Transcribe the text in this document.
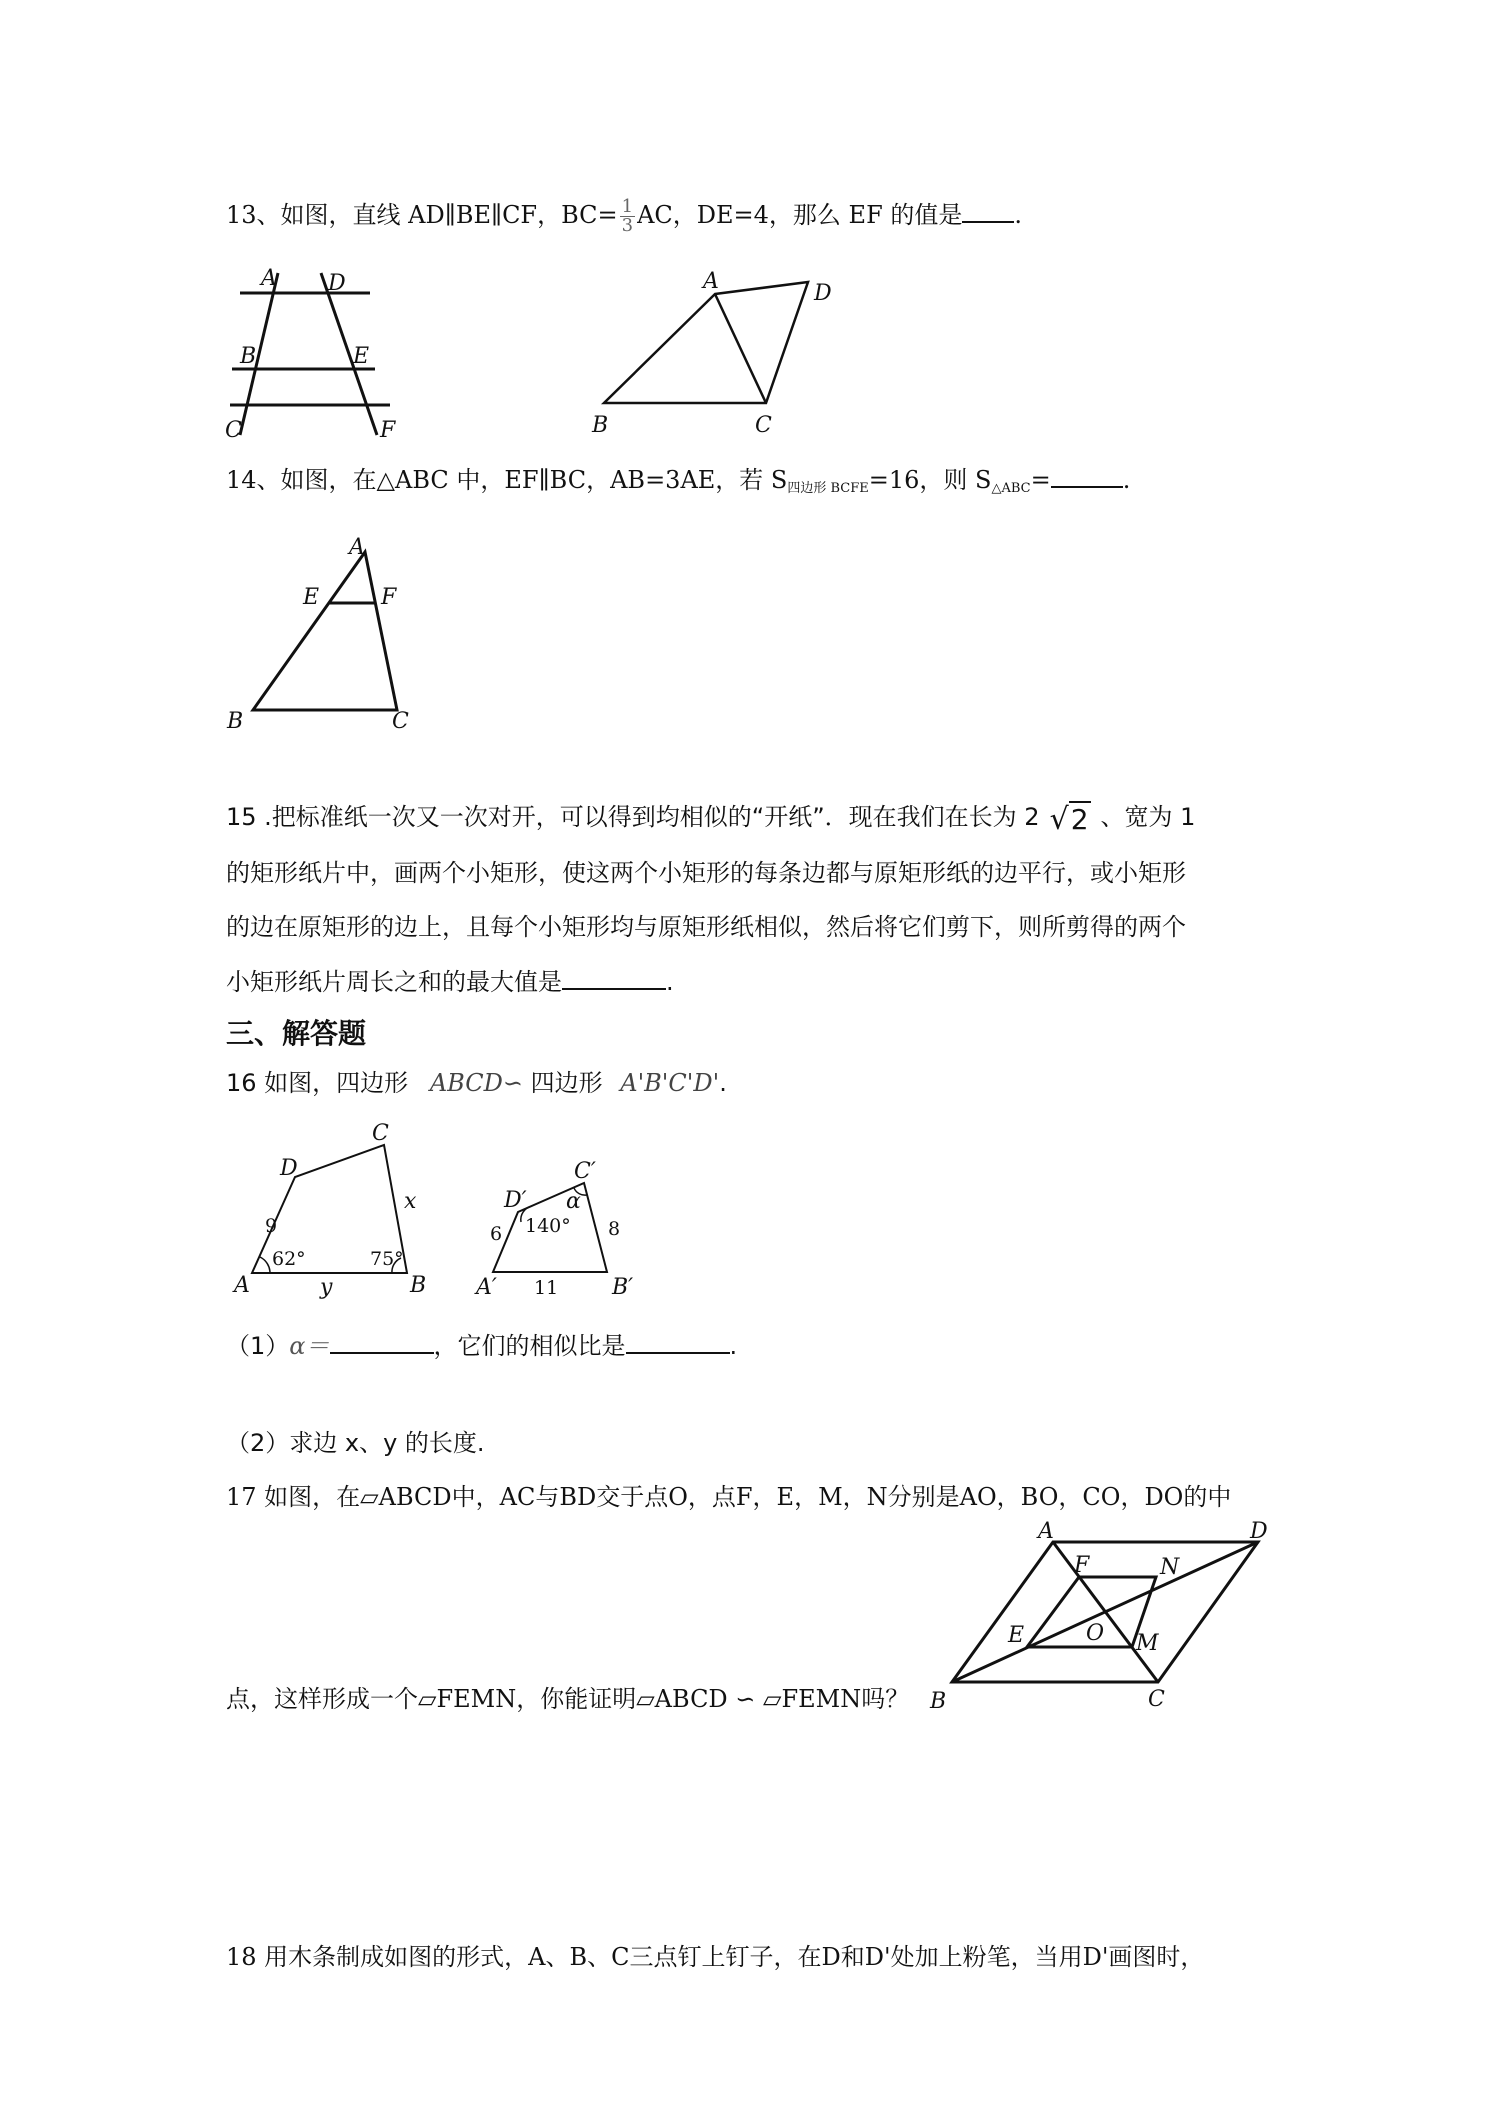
13、如图，直线 AD∥BE∥CF，$BC= \frac{1}{3}$ AC，DE=4，那么 EF 的值是 .
A D
B	E
C	F
A	D
B	C
14、如图，在△ABC 中，EF∥BC，AB=3AE，若 $S_{四边形 BCFE}=16$，则 $S_{\triangle ABC}=$	.
A
E	F
B	C
15 .把标准纸一次又一次对开，可以得到均相似的“开纸”．现在我们在长为 2 √2 、宽为 1
的矩形纸片中，画两个小矩形，使这两个小矩形的每条边都与原矩形纸的边平行，或小矩形
的边在原矩形的边上，且每个小矩形均与原矩形纸相似，然后将它们剪下，则所剪得的两个
小矩形纸片周长之和的最大值是	.
三、解答题
16 如图，四边形 ABCD∽ 四边形 A'B'C'D'.
C
D
x
9
62°	75°
A	y	B
C′
D′ α
140°
6	8
A′ 11 B′
（1）α＝	，它们的相似比是	.
（2）求边 x、y 的长度.
17 如图，在▱ABCD中，AC与BD交于点O，点F，E，M，N分别是AO，BO，CO，DO的中
A	D
F	N
E	O M
B	C
点，这样形成一个▱FEMN，你能证明▱ABCD ∽ ▱FEMN吗？
18 用木条制成如图的形式，A、B、C三点钉上钉子，在D和D'处加上粉笔，当用D'画图时，
